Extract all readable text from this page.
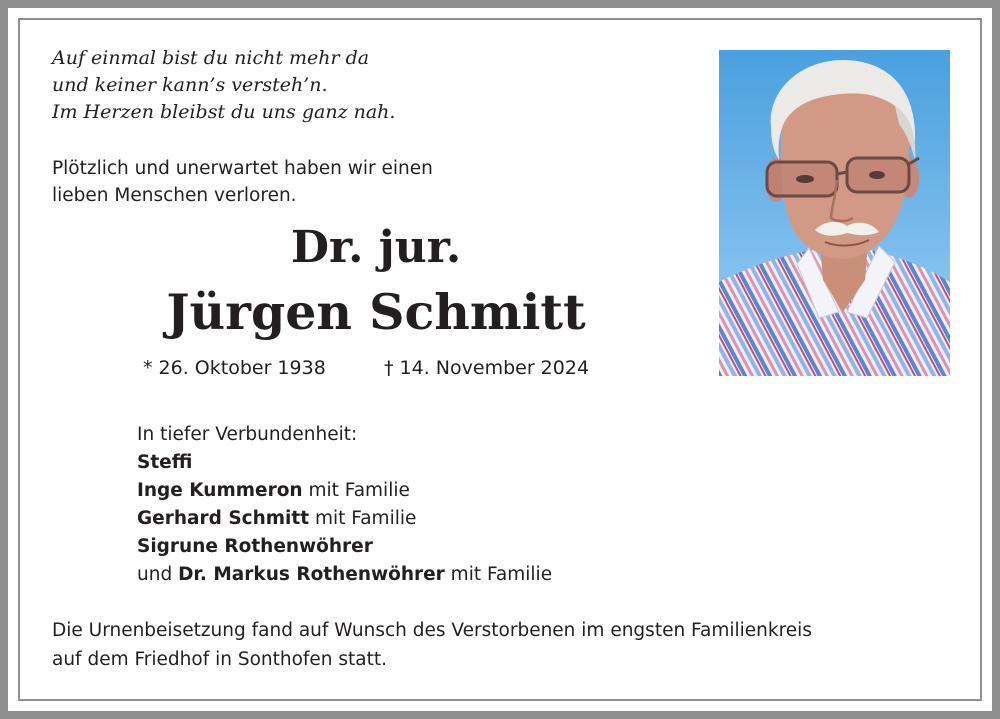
Auf einmal bist du nicht mehr da
und keiner kann’s versteh’n.
Im Herzen bleibst du uns ganz nah.
Plötzlich und unerwartet haben wir einen
lieben Menschen verloren.
Dr. jur.
Jürgen Schmitt
* 26. Oktober 1938	† 14. November 2024
In tiefer Verbundenheit:
Steffi
Inge Kummeron mit Familie
Gerhard Schmitt mit Familie
Sigrune Rothenwöhrer
und Dr. Markus Rothenwöhrer mit Familie
Die Urnenbeisetzung fand auf Wunsch des Verstorbenen im engsten Familienkreis
auf dem Friedhof in Sonthofen statt.
